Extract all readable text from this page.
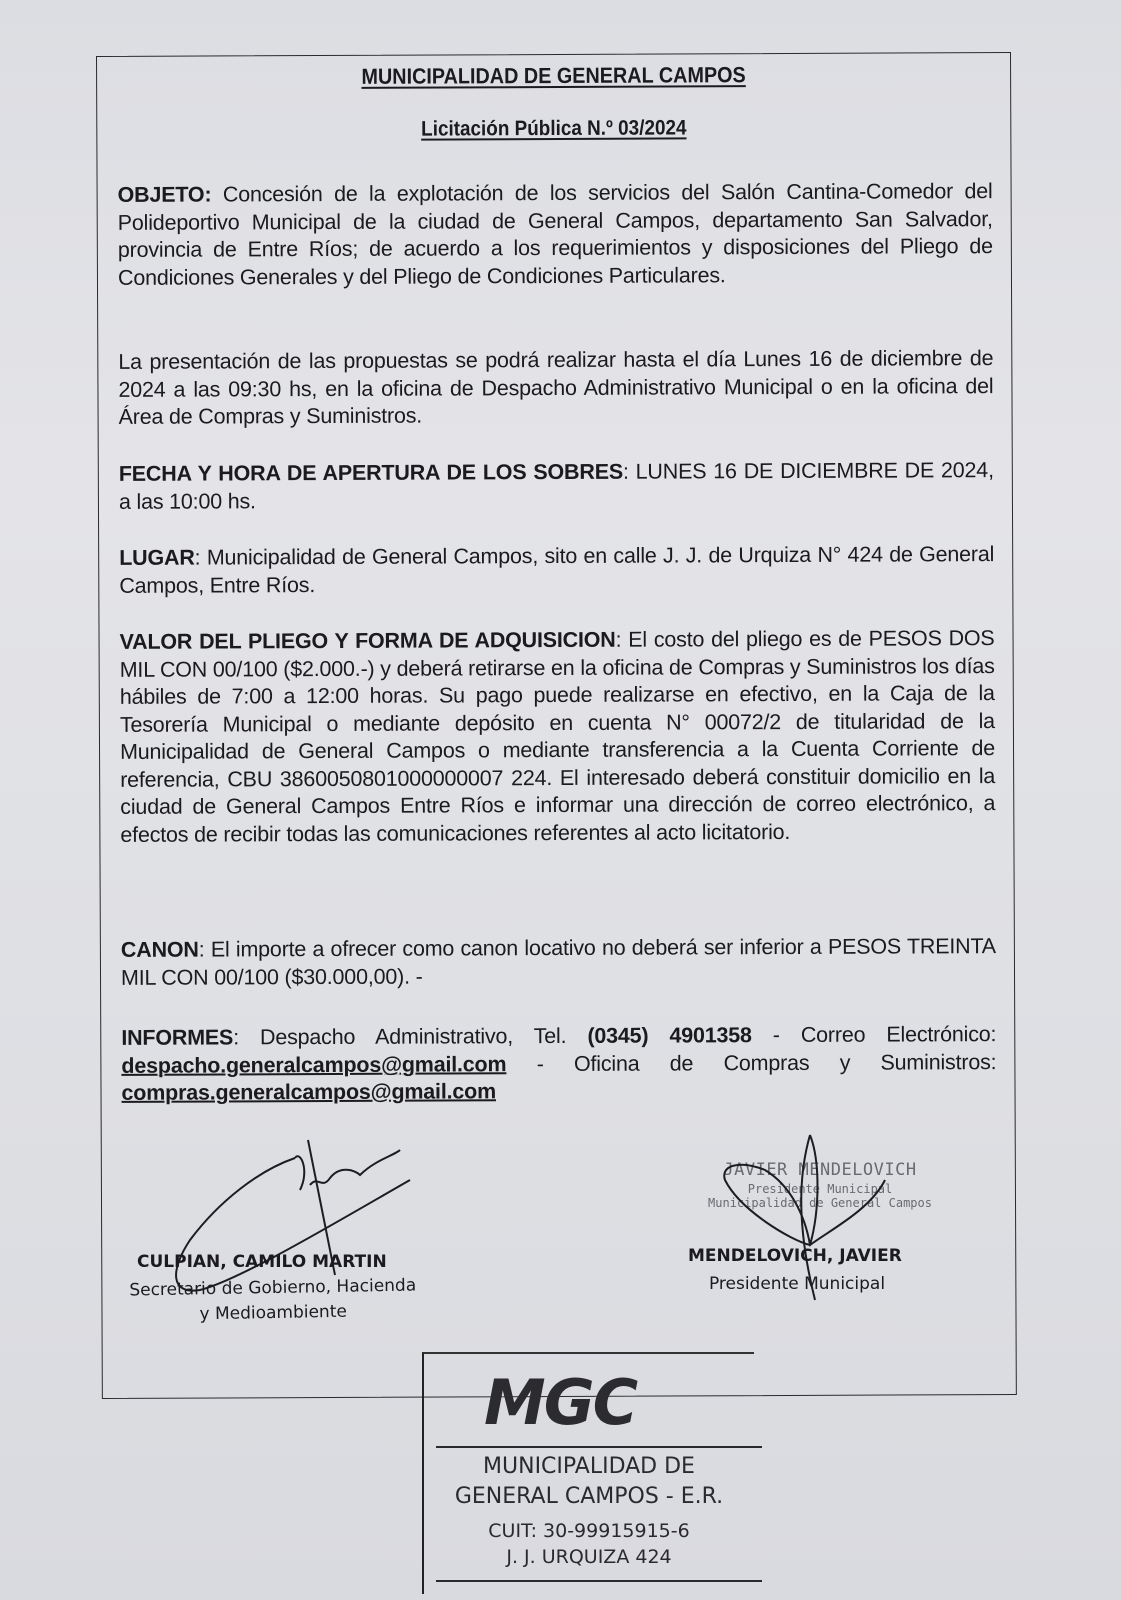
MUNICIPALIDAD DE GENERAL CAMPOS
Licitación Pública N.º 03/2024

OBJETO: Concesión de la explotación de los servicios del Salón Cantina-Comedor del Polideportivo Municipal de la ciudad de General Campos, departamento San Salvador, provincia de Entre Ríos; de acuerdo a los requerimientos y disposiciones del Pliego de Condiciones Generales y del Pliego de Condiciones Particulares.

La presentación de las propuestas se podrá realizar hasta el día Lunes 16 de diciembre de 2024 a las 09:30 hs, en la oficina de Despacho Administrativo Municipal o en la oficina del Área de Compras y Suministros.

FECHA Y HORA DE APERTURA DE LOS SOBRES: LUNES 16 DE DICIEMBRE DE 2024, a las 10:00 hs.

LUGAR: Municipalidad de General Campos, sito en calle J. J. de Urquiza N° 424 de General Campos, Entre Ríos.

VALOR DEL PLIEGO Y FORMA DE ADQUISICION: El costo del pliego es de PESOS DOS MIL CON 00/100 ($2.000.-) y deberá retirarse en la oficina de Compras y Suministros los días hábiles de 7:00 a 12:00 horas. Su pago puede realizarse en efectivo, en la Caja de la Tesorería Municipal o mediante depósito en cuenta N° 00072/2 de titularidad de la Municipalidad de General Campos o mediante transferencia a la Cuenta Corriente de referencia, CBU 3860050801000000007 224. El interesado deberá constituir domicilio en la ciudad de General Campos Entre Ríos e informar una dirección de correo electrónico, a efectos de recibir todas las comunicaciones referentes al acto licitatorio.

CANON: El importe a ofrecer como canon locativo no deberá ser inferior a PESOS TREINTA MIL CON 00/100 ($30.000,00). -

INFORMES: Despacho Administrativo, Tel. (0345) 4901358 - Correo Electrónico: despacho.generalcampos@gmail.com - Oficina de Compras y Suministros: compras.generalcampos@gmail.com

CULPIAN, CAMILO MARTIN
Secretario de Gobierno, Hacienda
y Medioambiente
JAVIER MENDELOVICH
Presidente Municipal
Municipalidad de General Campos
MENDELOVICH, JAVIER
Presidente Municipal
MGC
MUNICIPALIDAD DE
GENERAL CAMPOS - E.R.
CUIT: 30-99915915-6
J. J. URQUIZA 424
